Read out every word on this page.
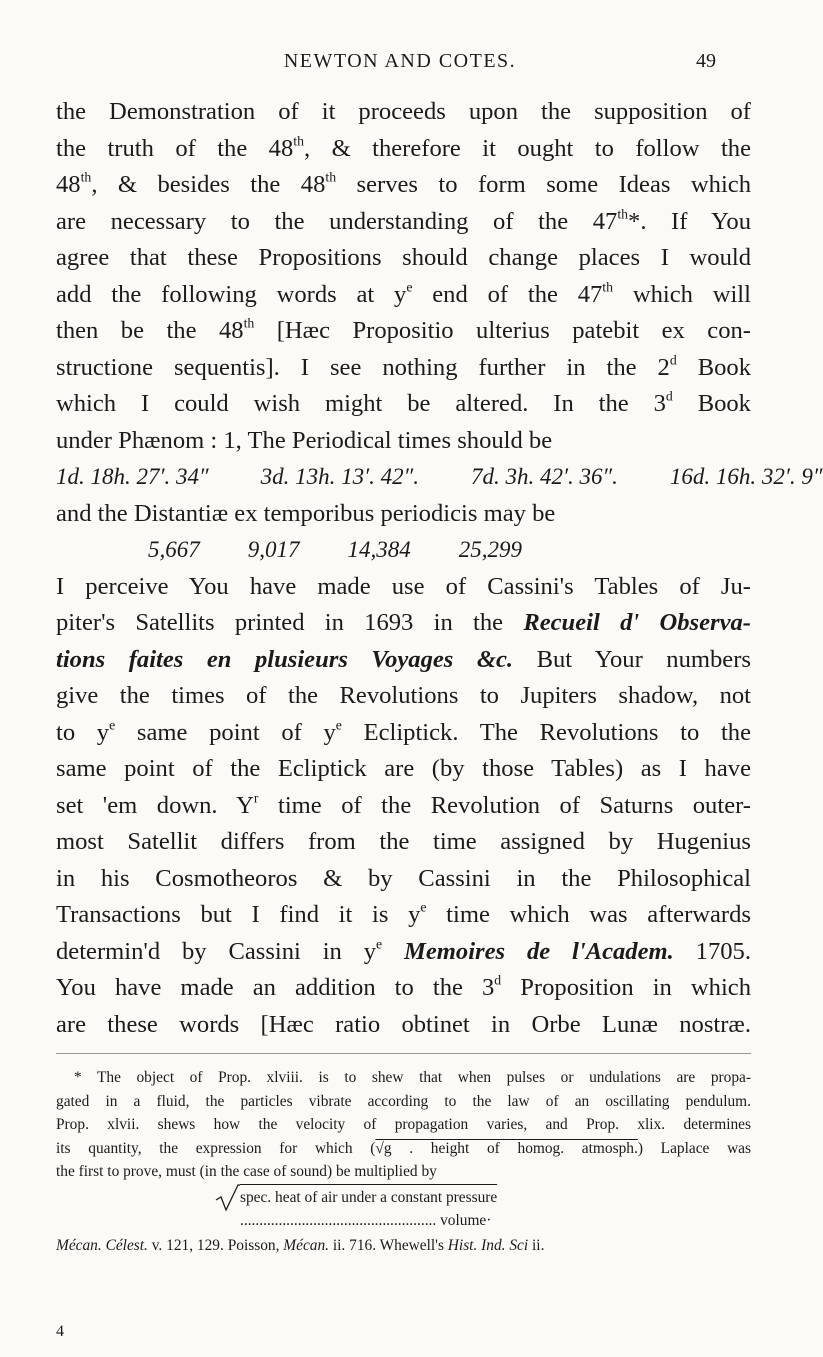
NEWTON AND COTES.	49
the Demonstration of it proceeds upon the supposition of
the truth of the 48th, & therefore it ought to follow the
48th, & besides the 48th serves to form some Ideas which
are necessary to the understanding of the 47th*. If You
agree that these Propositions should change places I would
add the following words at $y^e$ end of the 47th which will
then be the 48th [Hæc Propositio ulterius patebit ex con-
structione sequentis]. I see nothing further in the 2$^d$ Book
which I could wish might be altered. In the 3$^d$ Book
under Phænom : 1, The Periodical times should be
1d. 18h. 27′. 34″ 3d. 13h. 13′. 42″. 7d. 3h. 42′. 36″. 16d. 16h. 32′. 9″
and the Distantiæ ex temporibus periodicis may be
5,667 9,017 14,384 25,299
I perceive You have made use of Cassini's Tables of Ju-
piter's Satellits printed in 1693 in the Recueil d' Observa-
tions faites en plusieurs Voyages &c. But Your numbers
give the times of the Revolutions to Jupiters shadow, not
to $y^e$ same point of $y^e$ Ecliptick. The Revolutions to the
same point of the Ecliptick are (by those Tables) as I have
set 'em down. $Y^r$ time of the Revolution of Saturns outer-
most Satellit differs from the time assigned by Hugenius
in his Cosmotheoros & by Cassini in the Philosophical
Transactions but I find it is $y^e$ time which was afterwards
determin'd by Cassini in $y^e$ Memoires de l'Academ. 1705.
You have made an addition to the 3$^d$ Proposition in which
are these words [Hæc ratio obtinet in Orbe Lunæ nostræ.
* The object of Prop. xlviii. is to shew that when pulses or undulations are propa-
gated in a fluid, the particles vibrate according to the law of an oscillating pendulum.
Prop. xlvii. shews how the velocity of propagation varies, and Prop. xlix. determines
its quantity, the expression for which (√g . height of homog. atmosph.) Laplace was
the first to prove, must (in the case of sound) be multiplied by
spec. heat of air under a constant pressure
................................................... volume·
Mécan. Célest. v. 121, 129. Poisson, Mécan. ii. 716. Whewell's Hist. Ind. Sci ii.
4
